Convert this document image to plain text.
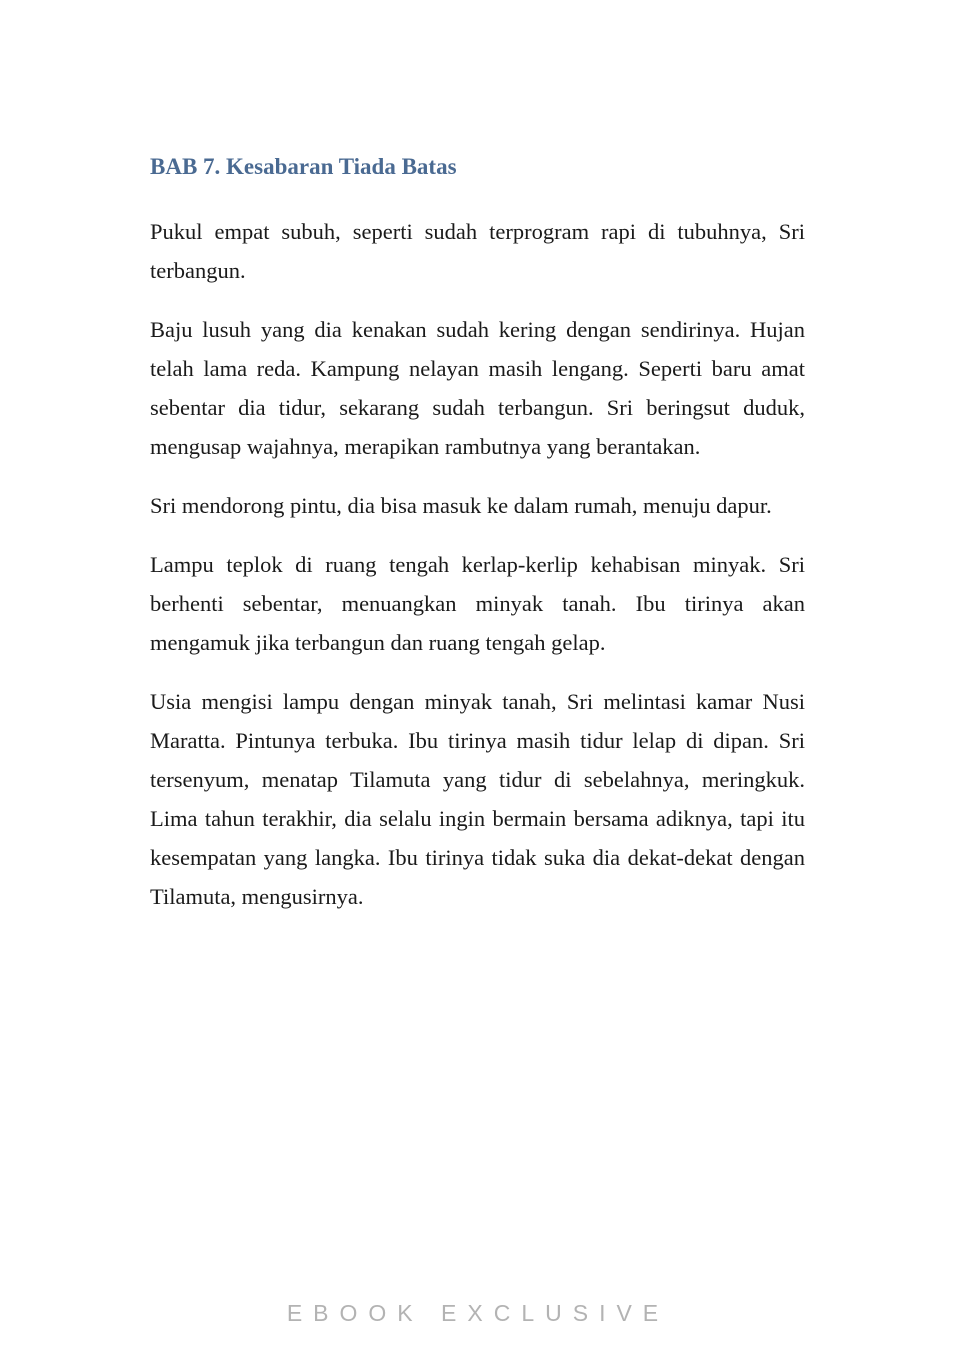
BAB 7. Kesabaran Tiada Batas

Pukul empat subuh, seperti sudah terprogram rapi di tubuhnya, Sri terbangun.

Baju lusuh yang dia kenakan sudah kering dengan sendirinya. Hujan telah lama reda. Kampung nelayan masih lengang. Seperti baru amat sebentar dia tidur, sekarang sudah terbangun. Sri beringsut duduk, mengusap wajahnya, merapikan rambutnya yang berantakan.

Sri mendorong pintu, dia bisa masuk ke dalam rumah, menuju dapur.

Lampu teplok di ruang tengah kerlap-kerlip kehabisan minyak. Sri berhenti sebentar, menuangkan minyak tanah. Ibu tirinya akan mengamuk jika terbangun dan ruang tengah gelap.

Usia mengisi lampu dengan minyak tanah, Sri melintasi kamar Nusi Maratta. Pintunya terbuka. Ibu tirinya masih tidur lelap di dipan. Sri tersenyum, menatap Tilamuta yang tidur di sebelahnya, meringkuk. Lima tahun terakhir, dia selalu ingin bermain bersama adiknya, tapi itu kesempatan yang langka. Ibu tirinya tidak suka dia dekat-dekat dengan Tilamuta, mengusirnya.

EBOOK EXCLUSIVE
